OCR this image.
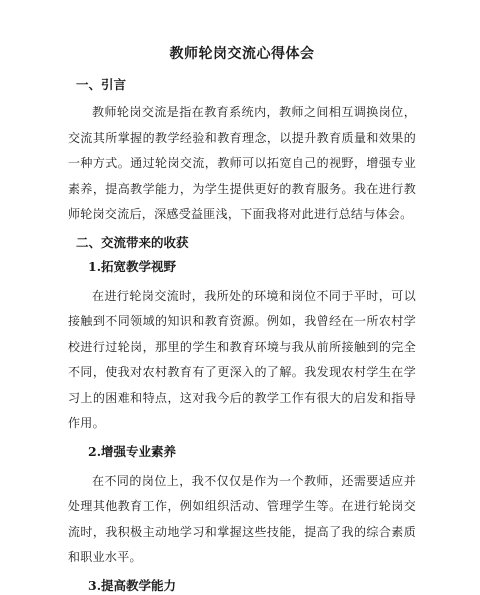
教师轮岗交流心得体会
一、引言

教师轮岗交流是指在教育系统内，教师之间相互调换岗位，交流其所掌握的教学经验和教育理念，以提升教育质量和效果的一种方式。通过轮岗交流，教师可以拓宽自己的视野，增强专业素养，提高教学能力，为学生提供更好的教育服务。我在进行教师轮岗交流后，深感受益匪浅，下面我将对此进行总结与体会。

二、交流带来的收获
1.拓宽教学视野

在进行轮岗交流时，我所处的环境和岗位不同于平时，可以接触到不同领域的知识和教育资源。例如，我曾经在一所农村学校进行过轮岗，那里的学生和教育环境与我从前所接触到的完全不同，使我对农村教育有了更深入的了解。我发现农村学生在学习上的困难和特点，这对我今后的教学工作有很大的启发和指导作用。

2.增强专业素养

在不同的岗位上，我不仅仅是作为一个教师，还需要适应并处理其他教育工作，例如组织活动、管理学生等。在进行轮岗交流时，我积极主动地学习和掌握这些技能，提高了我的综合素质和职业水平。

3.提高教学能力
